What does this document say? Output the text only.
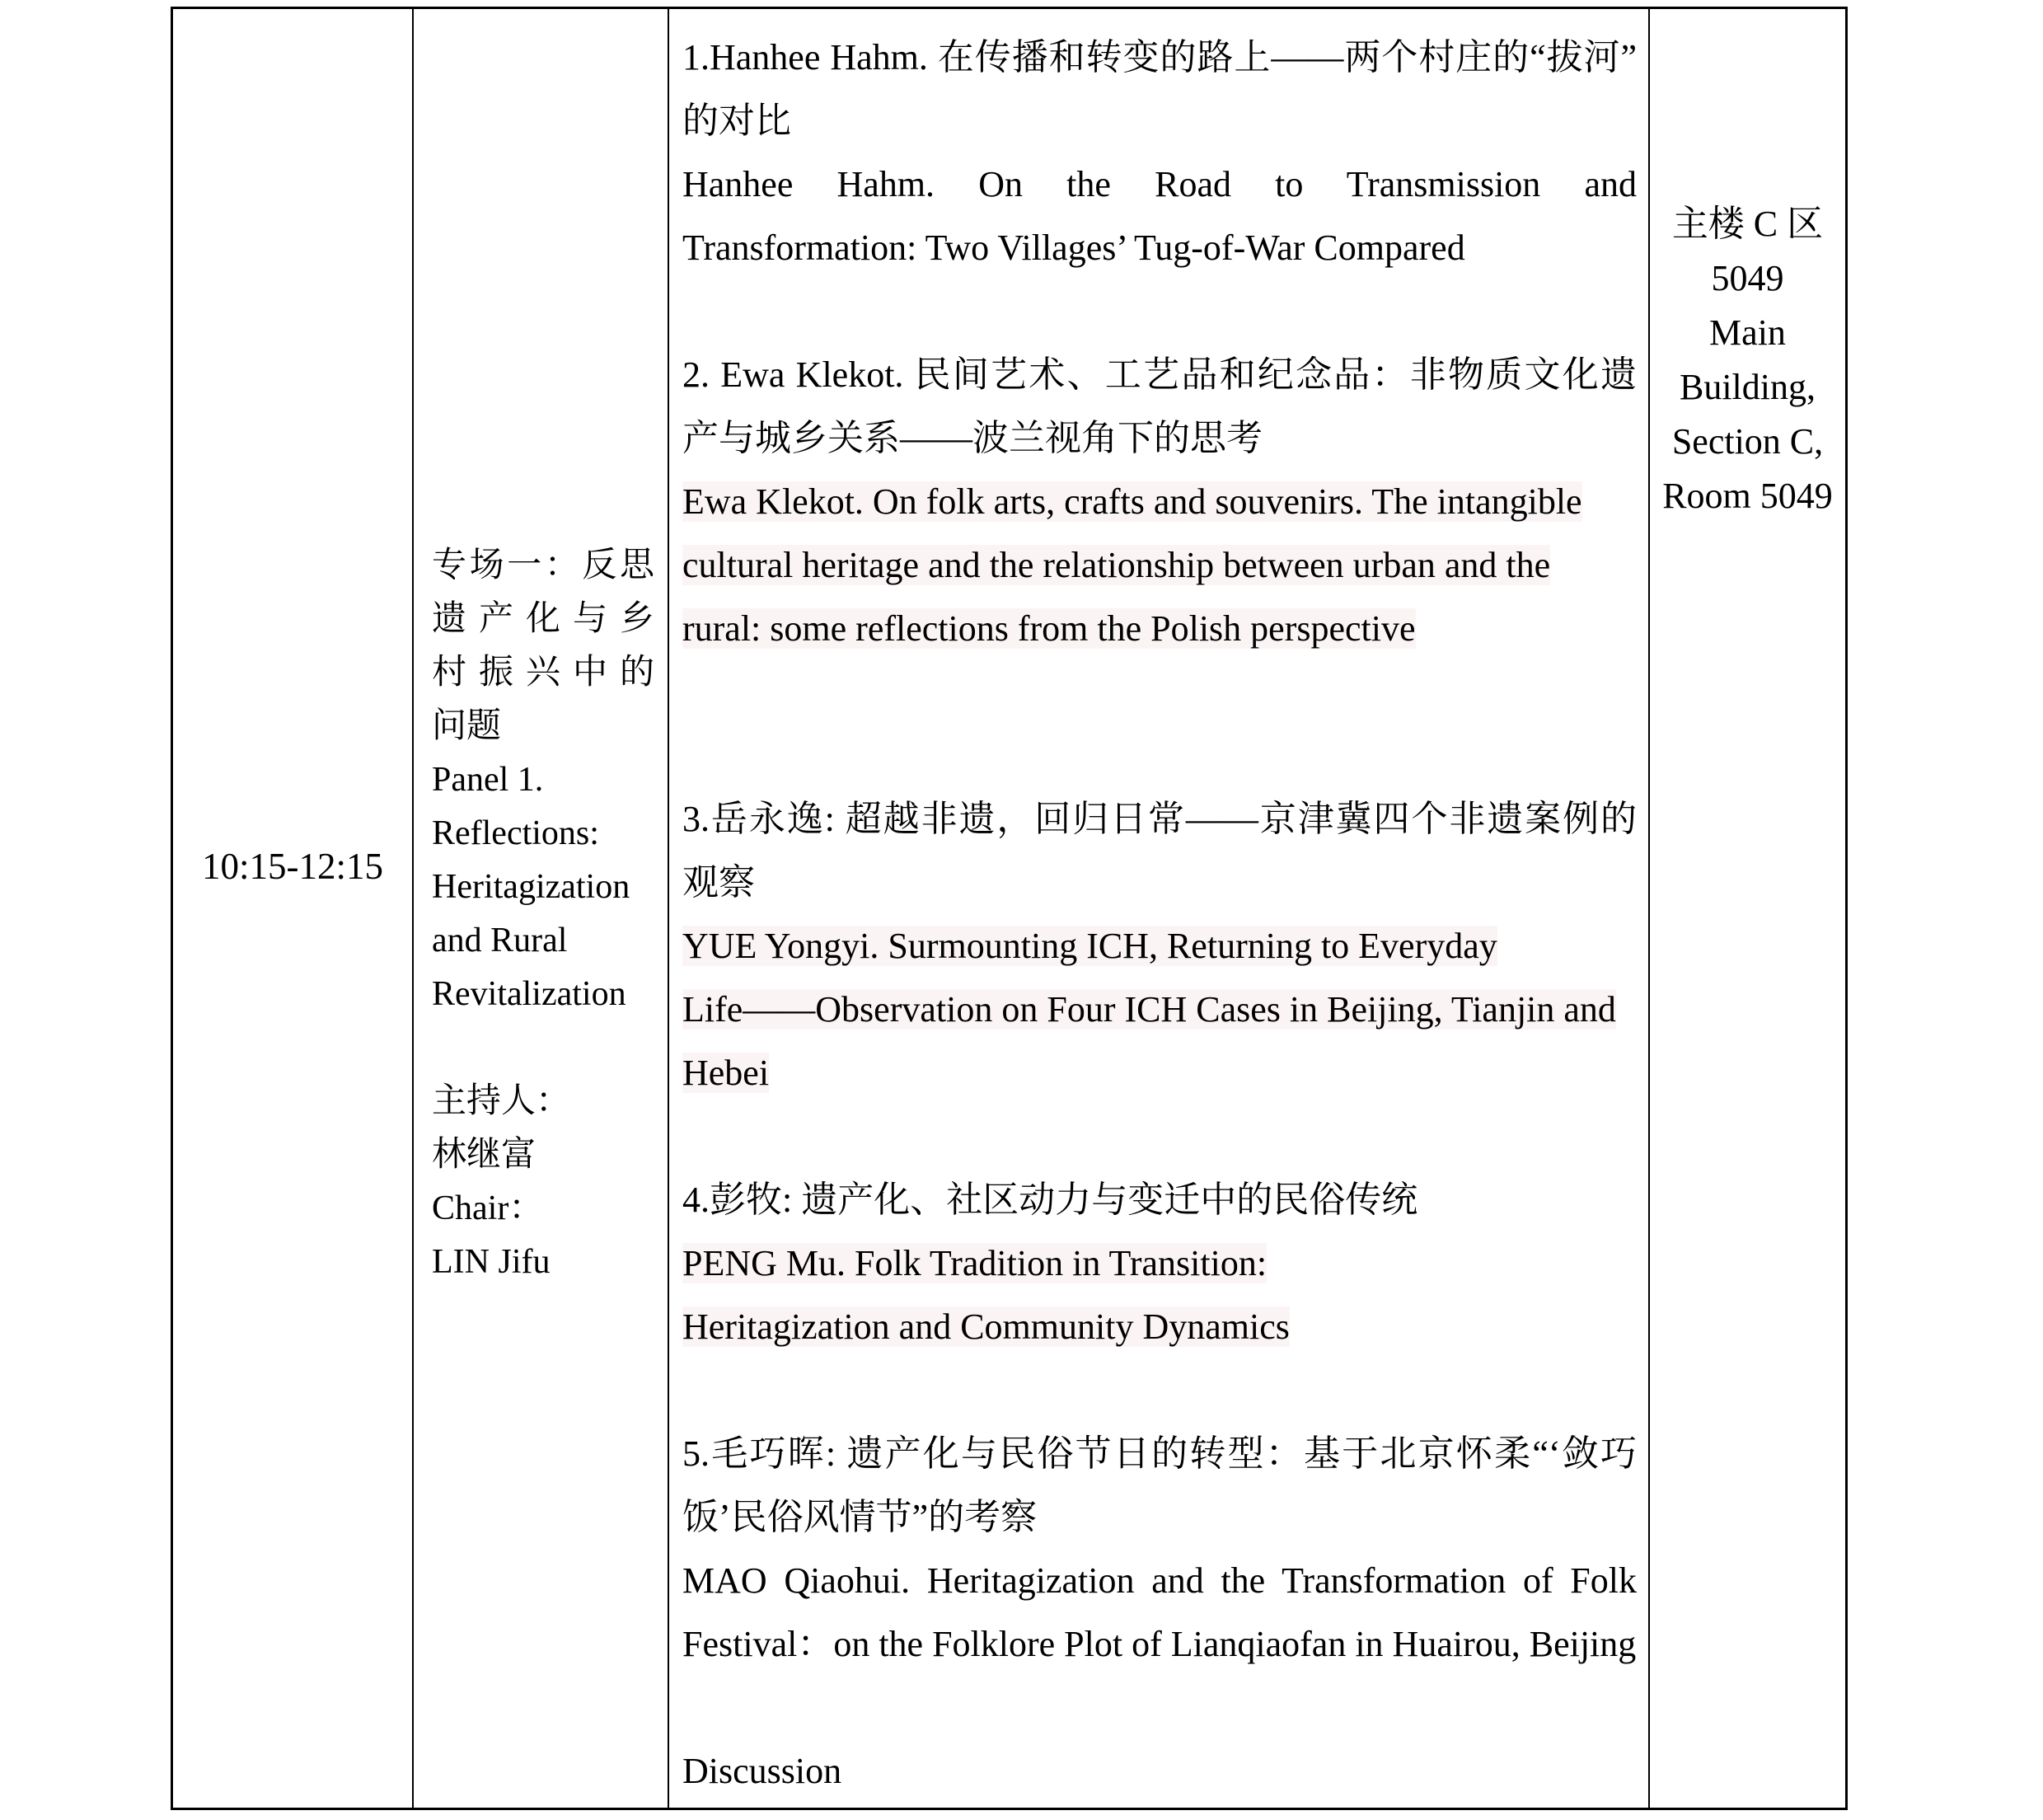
10:15-12:15
专场一：反思
遗产化与乡
村振兴中的
问题
Panel 1.
Reflections:
Heritagization
and Rural
Revitalization
主持人：
林继富
Chair：
LIN Jifu
1.Hanhee Hahm. 在传播和转变的路上——两个村庄的“拔河”
的对比
Hanhee Hahm. On the Road to Transmission and
Transformation: Two Villages’ Tug-of-War Compared
2. Ewa Klekot. 民间艺术、工艺品和纪念品：非物质文化遗
产与城乡关系——波兰视角下的思考
Ewa Klekot. On folk arts, crafts and souvenirs. The intangible
cultural heritage and the relationship between urban and the
rural: some reflections from the Polish perspective
3.岳永逸: 超越非遗，回归日常——京津冀四个非遗案例的
观察
YUE Yongyi. Surmounting ICH, Returning to Everyday
Life——Observation on Four ICH Cases in Beijing, Tianjin and
Hebei
4.彭牧: 遗产化、社区动力与变迁中的民俗传统
PENG Mu. Folk Tradition in Transition:
Heritagization and Community Dynamics
5.毛巧晖: 遗产化与民俗节日的转型：基于北京怀柔“‘敛巧
饭’民俗风情节”的考察
MAO Qiaohui. Heritagization and the Transformation of Folk
Festival：on the Folklore Plot of Lianqiaofan in Huairou, Beijing
Discussion
主楼 C 区
5049
Main
Building,
Section C,
Room 5049
